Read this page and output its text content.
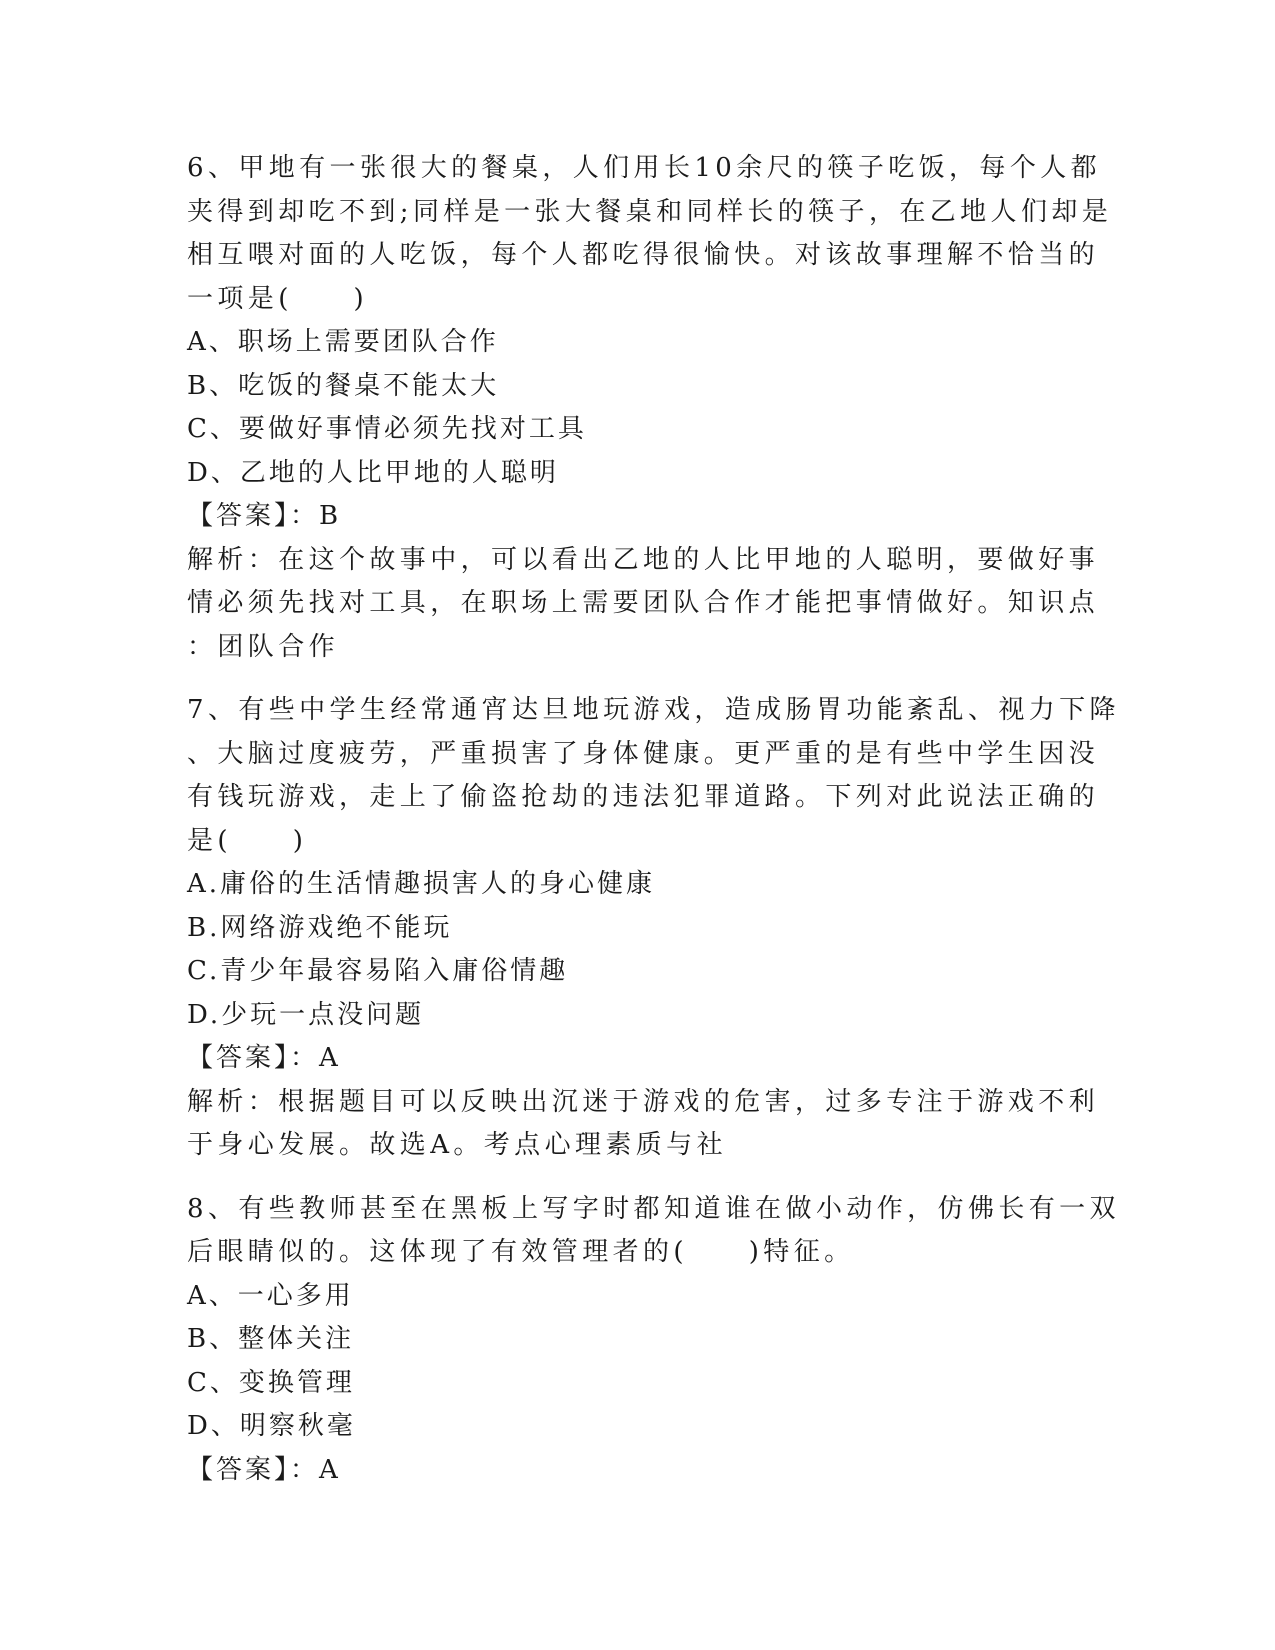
6、甲地有一张很大的餐桌，人们用长10余尺的筷子吃饭，每个人都
夹得到却吃不到;同样是一张大餐桌和同样长的筷子，在乙地人们却是
相互喂对面的人吃饭，每个人都吃得很愉快。对该故事理解不恰当的
一项是(　　)
A、职场上需要团队合作
B、吃饭的餐桌不能太大
C、要做好事情必须先找对工具
D、乙地的人比甲地的人聪明
【答案】：B
解析：在这个故事中，可以看出乙地的人比甲地的人聪明，要做好事
情必须先找对工具，在职场上需要团队合作才能把事情做好。知识点
：团队合作
7、有些中学生经常通宵达旦地玩游戏，造成肠胃功能紊乱、视力下降
、大脑过度疲劳，严重损害了身体健康。更严重的是有些中学生因没
有钱玩游戏，走上了偷盗抢劫的违法犯罪道路。下列对此说法正确的
是(　　)
A.庸俗的生活情趣损害人的身心健康
B.网络游戏绝不能玩
C.青少年最容易陷入庸俗情趣
D.少玩一点没问题
【答案】：A
解析：根据题目可以反映出沉迷于游戏的危害，过多专注于游戏不利
于身心发展。故选A。考点心理素质与社
8、有些教师甚至在黑板上写字时都知道谁在做小动作，仿佛长有一双
后眼睛似的。这体现了有效管理者的(　　)特征。
A、一心多用
B、整体关注
C、变换管理
D、明察秋毫
【答案】：A
